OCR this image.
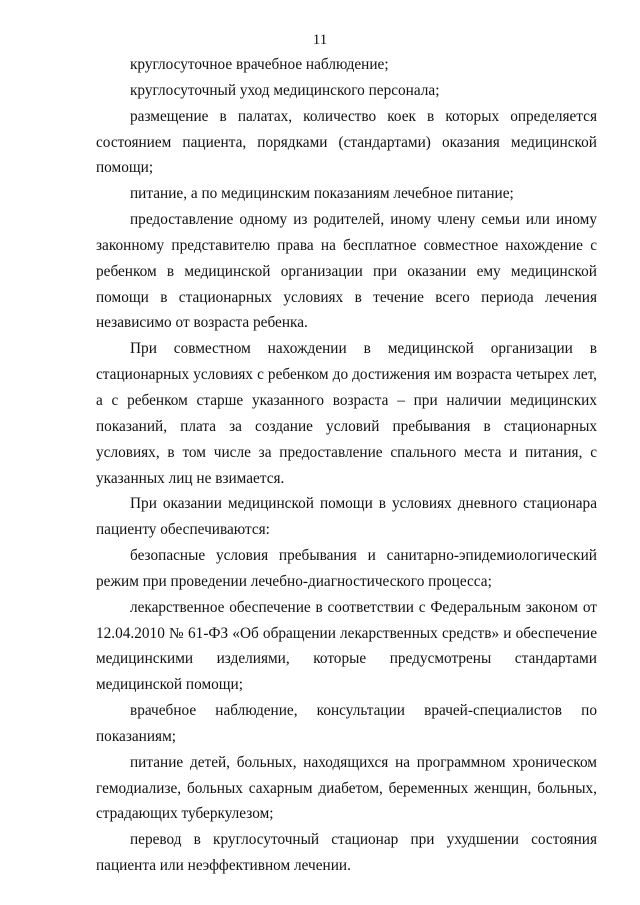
11

круглосуточное врачебное наблюдение;

круглосуточный уход медицинского персонала;

размещение в палатах, количество коек в которых определяется состоянием пациента, порядками (стандартами) оказания медицинской помощи;

питание, а по медицинским показаниям лечебное питание;

предоставление одному из родителей, иному члену семьи или иному законному представителю права на бесплатное совместное нахождение с ребенком в медицинской организации при оказании ему медицинской помощи в стационарных условиях в течение всего периода лечения независимо от возраста ребенка.

При совместном нахождении в медицинской организации в стационарных условиях с ребенком до достижения им возраста четырех лет, а с ребенком старше указанного возраста – при наличии медицинских показаний, плата за создание условий пребывания в стационарных условиях, в том числе за предоставление спального места и питания, с указанных лиц не взимается.

При оказании медицинской помощи в условиях дневного стационара пациенту обеспечиваются:

безопасные условия пребывания и санитарно-эпидемиологический режим при проведении лечебно-диагностического процесса;

лекарственное обеспечение в соответствии с Федеральным законом от 12.04.2010 № 61-ФЗ «Об обращении лекарственных средств» и обеспечение медицинскими изделиями, которые предусмотрены стандартами медицинской помощи;

врачебное наблюдение, консультации врачей-специалистов по показаниям;

питание детей, больных, находящихся на программном хроническом гемодиализе, больных сахарным диабетом, беременных женщин, больных, страдающих туберкулезом;

перевод в круглосуточный стационар при ухудшении состояния пациента или неэффективном лечении.
